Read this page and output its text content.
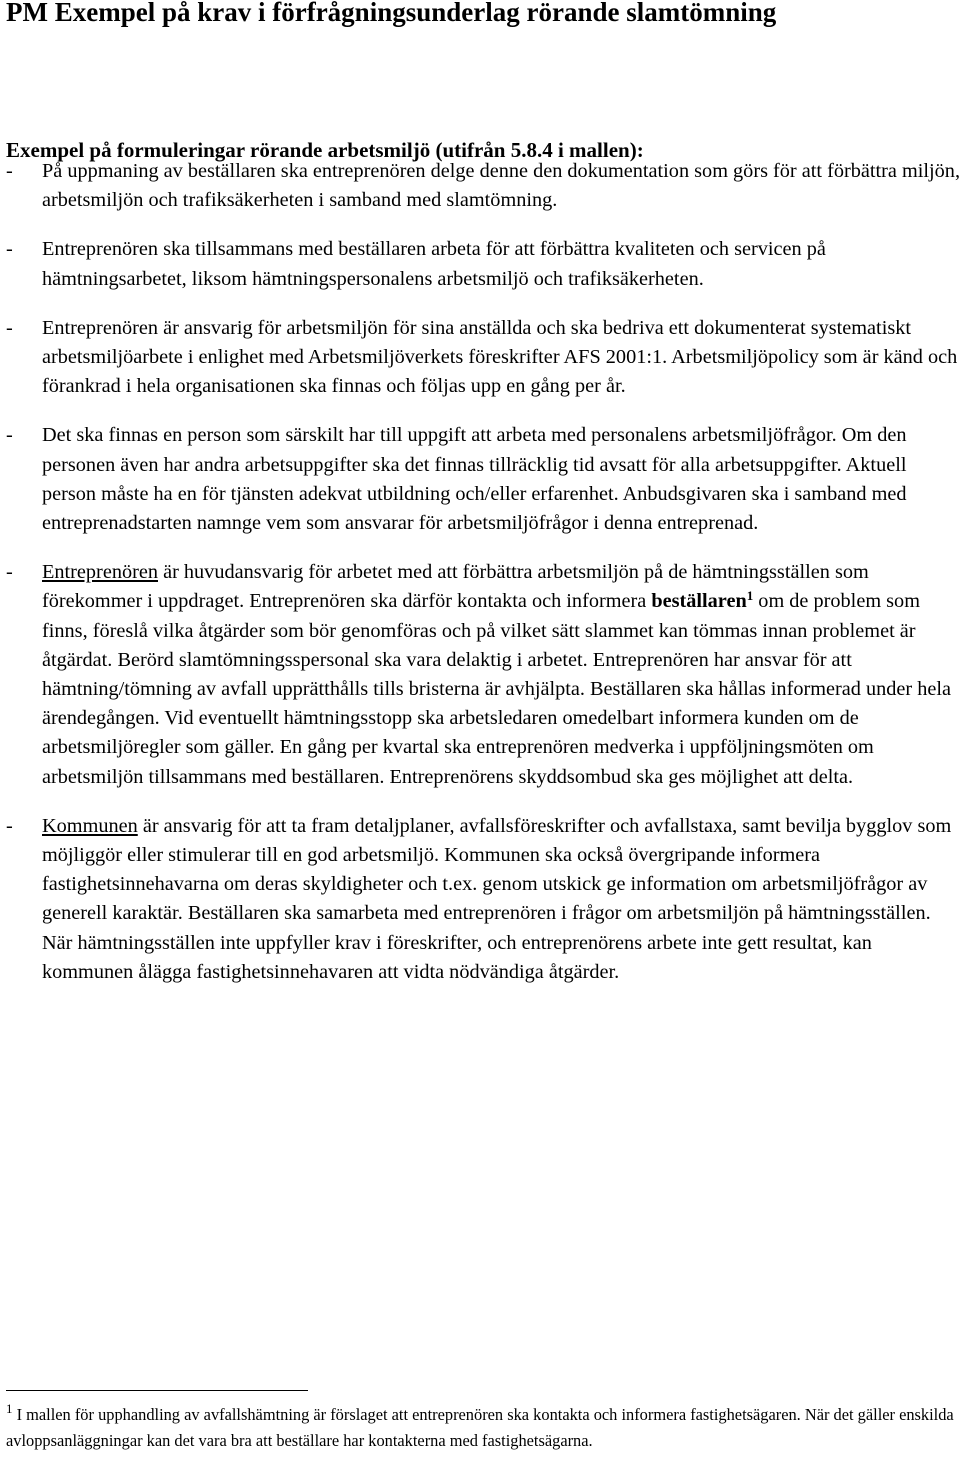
PM Exempel på krav i förfrågningsunderlag rörande slamtömning
Exempel på formuleringar rörande arbetsmiljö (utifrån 5.8.4 i mallen):
- På uppmaning av beställaren ska entreprenören delge denne den dokumentation som görs för att förbättra miljön, arbetsmiljön och trafiksäkerheten i samband med slamtömning.
- Entreprenören ska tillsammans med beställaren arbeta för att förbättra kvaliteten och servicen på hämtningsarbetet, liksom hämtningspersonalens arbetsmiljö och trafiksäkerheten.
- Entreprenören är ansvarig för arbetsmiljön för sina anställda och ska bedriva ett dokumenterat systematiskt arbetsmiljöarbete i enlighet med Arbetsmiljöverkets föreskrifter AFS 2001:1. Arbetsmiljöpolicy som är känd och förankrad i hela organisationen ska finnas och följas upp en gång per år.
- Det ska finnas en person som särskilt har till uppgift att arbeta med personalens arbetsmiljöfrågor. Om den personen även har andra arbetsuppgifter ska det finnas tillräcklig tid avsatt för alla arbetsuppgifter. Aktuell person måste ha en för tjänsten adekvat utbildning och/eller erfarenhet. Anbudsgivaren ska i samband med entreprenadstarten namnge vem som ansvarar för arbetsmiljöfrågor i denna entreprenad.
- Entreprenören är huvudansvarig för arbetet med att förbättra arbetsmiljön på de hämtningsställen som förekommer i uppdraget. Entreprenören ska därför kontakta och informera beställaren$^1$ om de problem som finns, föreslå vilka åtgärder som bör genomföras och på vilket sätt slammet kan tömmas innan problemet är åtgärdat. Berörd slamtömningsspersonal ska vara delaktig i arbetet. Entreprenören har ansvar för att hämtning/tömning av avfall upprätthålls tills bristerna är avhjälpta. Beställaren ska hållas informerad under hela ärendegången. Vid eventuellt hämtningsstopp ska arbetsledaren omedelbart informera kunden om de arbetsmiljöregler som gäller. En gång per kvartal ska entreprenören medverka i uppföljningsmöten om arbetsmiljön tillsammans med beställaren. Entreprenörens skyddsombud ska ges möjlighet att delta.
- Kommunen är ansvarig för att ta fram detaljplaner, avfallsföreskrifter och avfallstaxa, samt bevilja bygglov som möjliggör eller stimulerar till en god arbetsmiljö. Kommunen ska också övergripande informera fastighetsinnehavarna om deras skyldigheter och t.ex. genom utskick ge information om arbetsmiljöfrågor av generell karaktär. Beställaren ska samarbeta med entreprenören i frågor om arbetsmiljön på hämtningsställen. När hämtningsställen inte uppfyller krav i föreskrifter, och entreprenörens arbete inte gett resultat, kan kommunen ålägga fastighetsinnehavaren att vidta nödvändiga åtgärder.

$^1$ I mallen för upphandling av avfallshämtning är förslaget att entreprenören ska kontakta och informera fastighetsägaren. När det gäller enskilda avloppsanläggningar kan det vara bra att beställare har kontakterna med fastighetsägarna.
